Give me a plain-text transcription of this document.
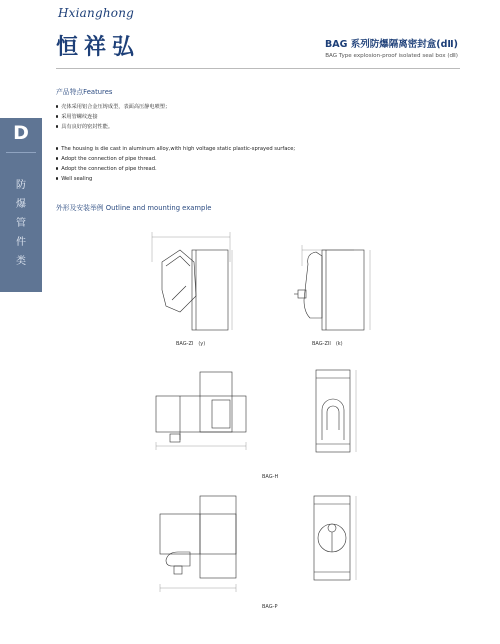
Hxianghong
恒祥弘	BAG 系列防爆隔离密封盒(dⅡ)
BAG Type explosion-proof isolated seal box (dⅡ)
D
防
爆
管
件
类
产品特点Features
壳体采用铝合金压铸成型，表面高压静电喷塑；
采用管螺纹连接
具有良好的密封性能。
The housing is die cast in aluminum alloy,with high voltage static plastic-sprayed surface;
Adopt the connection of pipe thread.
Adopt the connection of pipe thread.
Well sealing
外形及安装举例 Outline and mounting example
BAG-ZI　(y)	BAG-ZII　(k)
BAG-H
BAG-P
